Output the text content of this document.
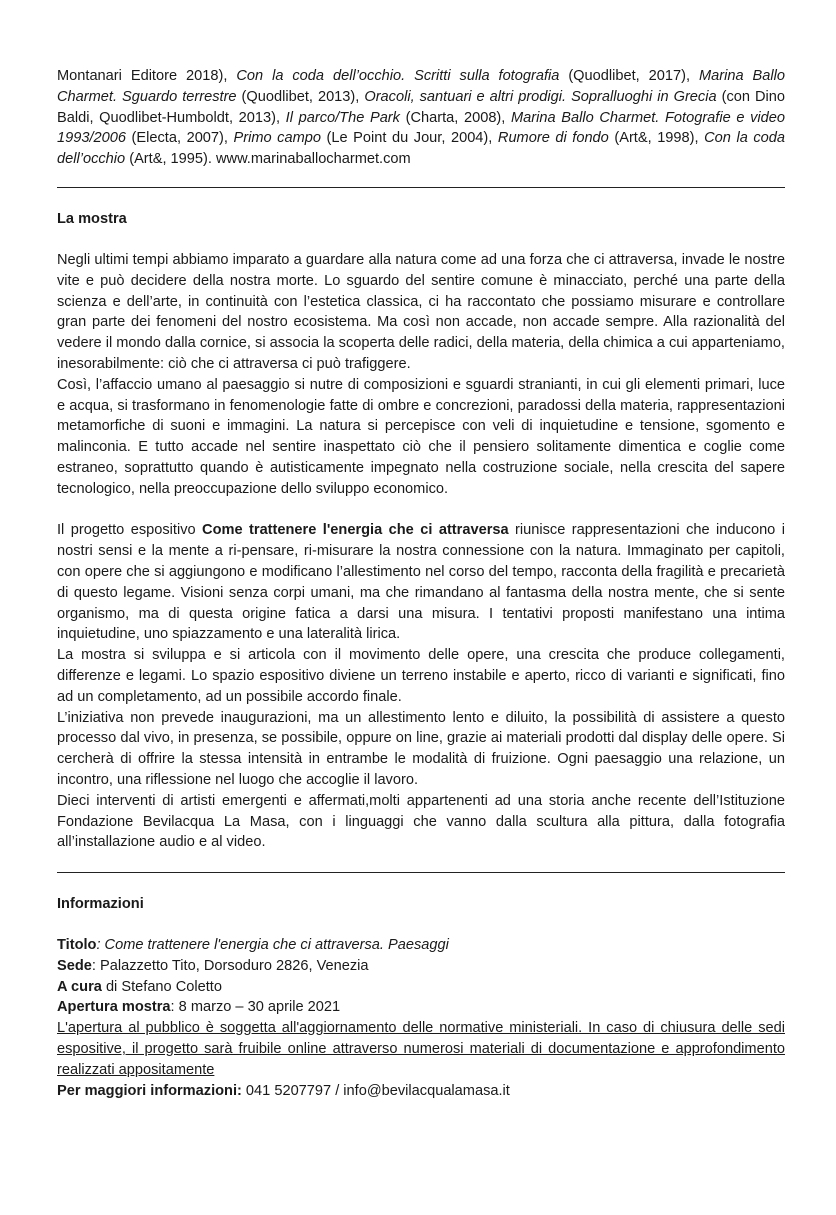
Montanari Editore 2018), Con la coda dell’occhio. Scritti sulla fotografia (Quodlibet, 2017), Marina Ballo Charmet. Sguardo terrestre (Quodlibet, 2013), Oracoli, santuari e altri prodigi. Sopralluoghi in Grecia (con Dino Baldi, Quodlibet-Humboldt, 2013), Il parco/The Park (Charta, 2008), Marina Ballo Charmet. Fotografie e video 1993/2006 (Electa, 2007), Primo campo (Le Point du Jour, 2004), Rumore di fondo (Art&, 1998), Con la coda dell’occhio (Art&, 1995). www.marinaballocharmet.com

La mostra

Negli ultimi tempi abbiamo imparato a guardare alla natura come ad una forza che ci attraversa, invade le nostre vite e può decidere della nostra morte. Lo sguardo del sentire comune è minacciato, perché una parte della scienza e dell’arte, in continuità con l’estetica classica, ci ha raccontato che possiamo misurare e controllare gran parte dei fenomeni del nostro ecosistema. Ma così non accade, non accade sempre. Alla razionalità del vedere il mondo dalla cornice, si associa la scoperta delle radici, della materia, della chimica a cui apparteniamo, inesorabilmente: ciò che ci attraversa ci può trafiggere.

Così, l’affaccio umano al paesaggio si nutre di composizioni e sguardi stranianti, in cui gli elementi primari, luce e acqua, si trasformano in fenomenologie fatte di ombre e concrezioni, paradossi della materia, rappresentazioni metamorfiche di suoni e immagini. La natura si percepisce con veli di inquietudine e tensione, sgomento e malinconia. E tutto accade nel sentire inaspettato ciò che il pensiero solitamente dimentica e coglie come estraneo, soprattutto quando è autisticamente impegnato nella costruzione sociale, nella crescita del sapere tecnologico, nella preoccupazione dello sviluppo economico.

Il progetto espositivo Come trattenere l'energia che ci attraversa riunisce rappresentazioni che inducono i nostri sensi e la mente a ri-pensare, ri-misurare la nostra connessione con la natura. Immaginato per capitoli, con opere che si aggiungono e modificano l’allestimento nel corso del tempo, racconta della fragilità e precarietà di questo legame. Visioni senza corpi umani, ma che rimandano al fantasma della nostra mente, che si sente organismo, ma di questa origine fatica a darsi una misura. I tentativi proposti manifestano una intima inquietudine, uno spiazzamento e una lateralità lirica.

La mostra si sviluppa e si articola con il movimento delle opere, una crescita che produce collegamenti, differenze e legami. Lo spazio espositivo diviene un terreno instabile e aperto, ricco di varianti e significati, fino ad un completamento, ad un possibile accordo finale.

L’iniziativa non prevede inaugurazioni, ma un allestimento lento e diluito, la possibilità di assistere a questo processo dal vivo, in presenza, se possibile, oppure on line, grazie ai materiali prodotti dal display delle opere. Si cercherà di offrire la stessa intensità in entrambe le modalità di fruizione. Ogni paesaggio una relazione, un incontro, una riflessione nel luogo che accoglie il lavoro.

Dieci interventi di artisti emergenti e affermati,molti appartenenti ad una storia anche recente dell’Istituzione Fondazione Bevilacqua La Masa, con i linguaggi che vanno dalla scultura alla pittura, dalla fotografia all’installazione audio e al video.

Informazioni

Titolo: Come trattenere l'energia che ci attraversa. Paesaggi

Sede: Palazzetto Tito, Dorsoduro 2826, Venezia

A cura di Stefano Coletto

Apertura mostra: 8 marzo – 30 aprile 2021

L'apertura al pubblico è soggetta all'aggiornamento delle normative ministeriali. In caso di chiusura delle sedi espositive, il progetto sarà fruibile online attraverso numerosi materiali di documentazione e approfondimento realizzati appositamente

Per maggiori informazioni: 041 5207797 / info@bevilacqualamasa.it
